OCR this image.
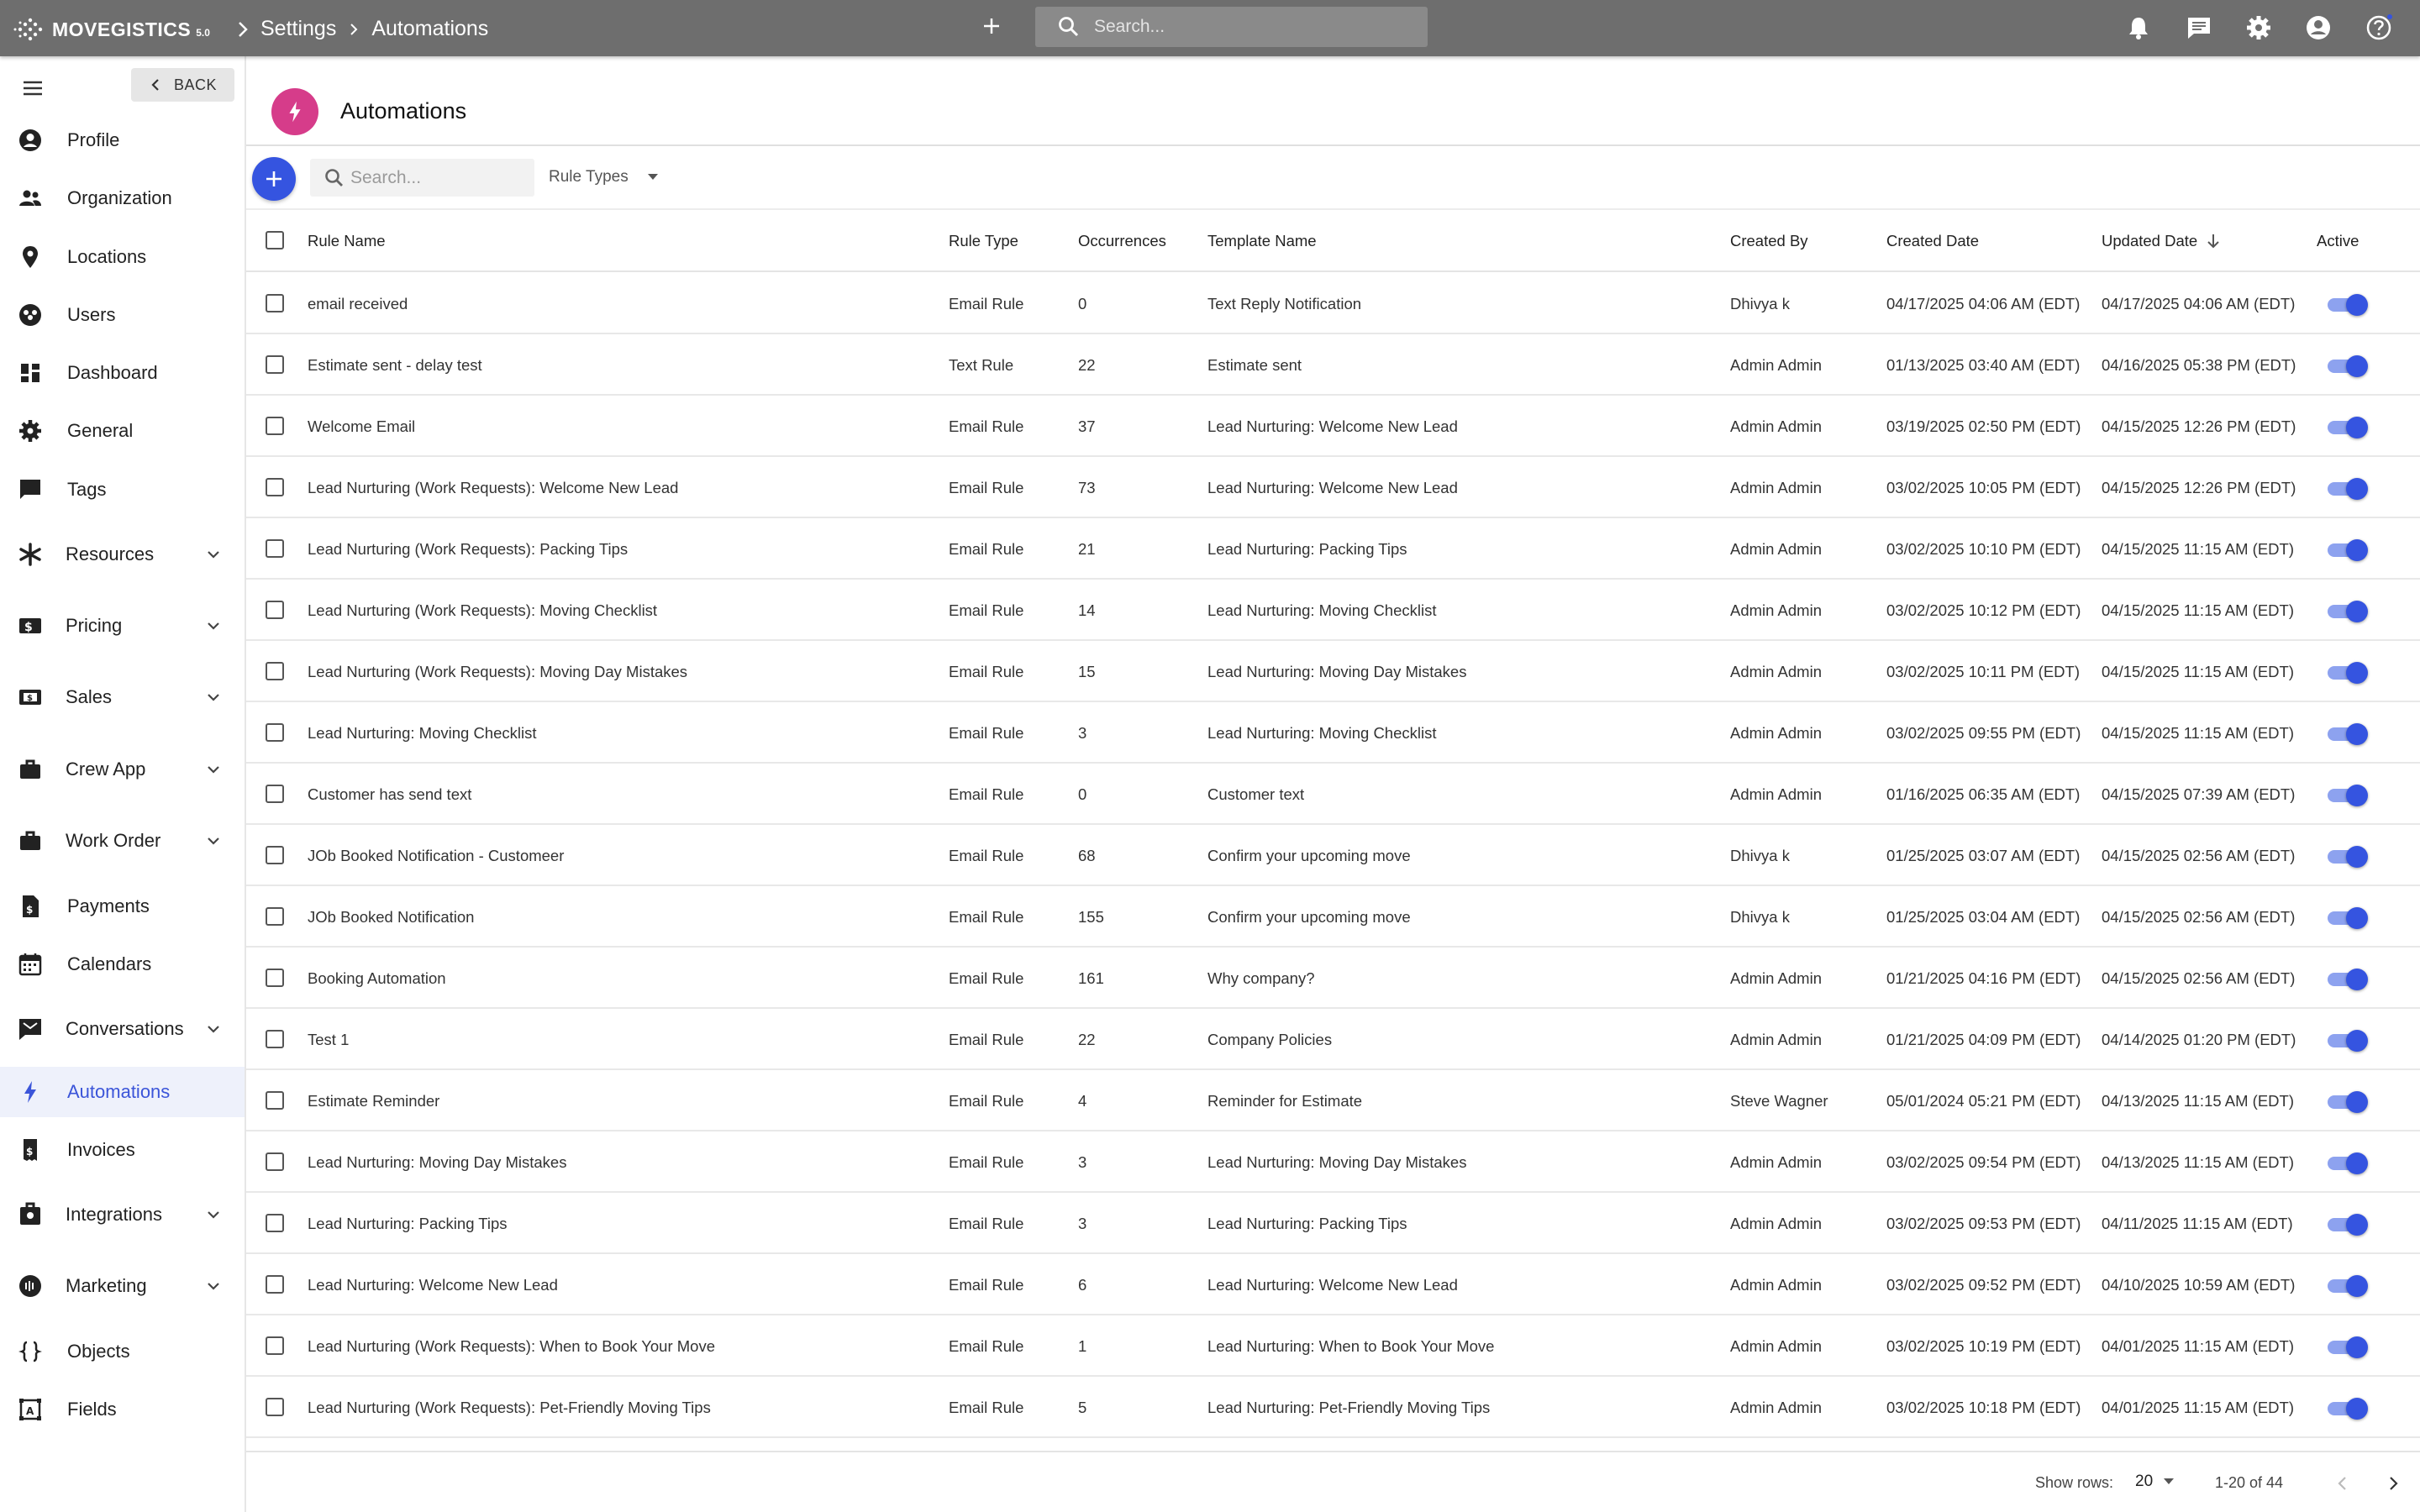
MOVEGISTICS 5.0 Settings Automations
Search...
BACK
Profile
Organization
Locations
Users
Dashboard
General
Tags
Resources
$ Pricing
$ Sales
Crew App
Work Order
$ Payments
Calendars
Conversations
Automations
$ Invoices
Integrations
Marketing
Objects
A Fields
Automations
Search...
Rule Types
Rule Name	Rule Type	Occurrences	Template Name	Created By	Created Date	Updated Date	Active
email received	Email Rule	0	Text Reply Notification	Dhivya k	04/17/2025 04:06 AM (EDT) 04/17/2025 04:06 AM (EDT)
Estimate sent - delay test	Text Rule	22	Estimate sent	Admin Admin	01/13/2025 03:40 AM (EDT) 04/16/2025 05:38 PM (EDT)
Welcome Email	Email Rule	37	Lead Nurturing: Welcome New Lead	Admin Admin	03/19/2025 02:50 PM (EDT) 04/15/2025 12:26 PM (EDT)
Lead Nurturing (Work Requests): Welcome New Lead	Email Rule	73	Lead Nurturing: Welcome New Lead	Admin Admin	03/02/2025 10:05 PM (EDT) 04/15/2025 12:26 PM (EDT)
Lead Nurturing (Work Requests): Packing Tips	Email Rule	21	Lead Nurturing: Packing Tips	Admin Admin	03/02/2025 10:10 PM (EDT) 04/15/2025 11:15 AM (EDT)
Lead Nurturing (Work Requests): Moving Checklist	Email Rule	14	Lead Nurturing: Moving Checklist	Admin Admin	03/02/2025 10:12 PM (EDT) 04/15/2025 11:15 AM (EDT)
Lead Nurturing (Work Requests): Moving Day Mistakes	Email Rule	15	Lead Nurturing: Moving Day Mistakes	Admin Admin	03/02/2025 10:11 PM (EDT) 04/15/2025 11:15 AM (EDT)
Lead Nurturing: Moving Checklist	Email Rule	3	Lead Nurturing: Moving Checklist	Admin Admin	03/02/2025 09:55 PM (EDT) 04/15/2025 11:15 AM (EDT)
Customer has send text	Email Rule	0	Customer text	Admin Admin	01/16/2025 06:35 AM (EDT) 04/15/2025 07:39 AM (EDT)
JOb Booked Notification - Customeer	Email Rule	68	Confirm your upcoming move	Dhivya k	01/25/2025 03:07 AM (EDT) 04/15/2025 02:56 AM (EDT)
JOb Booked Notification	Email Rule	155	Confirm your upcoming move	Dhivya k	01/25/2025 03:04 AM (EDT) 04/15/2025 02:56 AM (EDT)
Booking Automation	Email Rule	161	Why company?	Admin Admin	01/21/2025 04:16 PM (EDT) 04/15/2025 02:56 AM (EDT)
Test 1	Email Rule	22	Company Policies	Admin Admin	01/21/2025 04:09 PM (EDT) 04/14/2025 01:20 PM (EDT)
Estimate Reminder	Email Rule	4	Reminder for Estimate	Steve Wagner	05/01/2024 05:21 PM (EDT) 04/13/2025 11:15 AM (EDT)
Lead Nurturing: Moving Day Mistakes	Email Rule	3	Lead Nurturing: Moving Day Mistakes	Admin Admin	03/02/2025 09:54 PM (EDT) 04/13/2025 11:15 AM (EDT)
Lead Nurturing: Packing Tips	Email Rule	3	Lead Nurturing: Packing Tips	Admin Admin	03/02/2025 09:53 PM (EDT) 04/11/2025 11:15 AM (EDT)
Lead Nurturing: Welcome New Lead	Email Rule	6	Lead Nurturing: Welcome New Lead	Admin Admin	03/02/2025 09:52 PM (EDT) 04/10/2025 10:59 AM (EDT)
Lead Nurturing (Work Requests): When to Book Your Move	Email Rule	1	Lead Nurturing: When to Book Your Move	Admin Admin	03/02/2025 10:19 PM (EDT) 04/01/2025 11:15 AM (EDT)
Lead Nurturing (Work Requests): Pet-Friendly Moving Tips	Email Rule	5	Lead Nurturing: Pet-Friendly Moving Tips	Admin Admin	03/02/2025 10:18 PM (EDT) 04/01/2025 11:15 AM (EDT)
Show rows: 20	1-20 of 44
